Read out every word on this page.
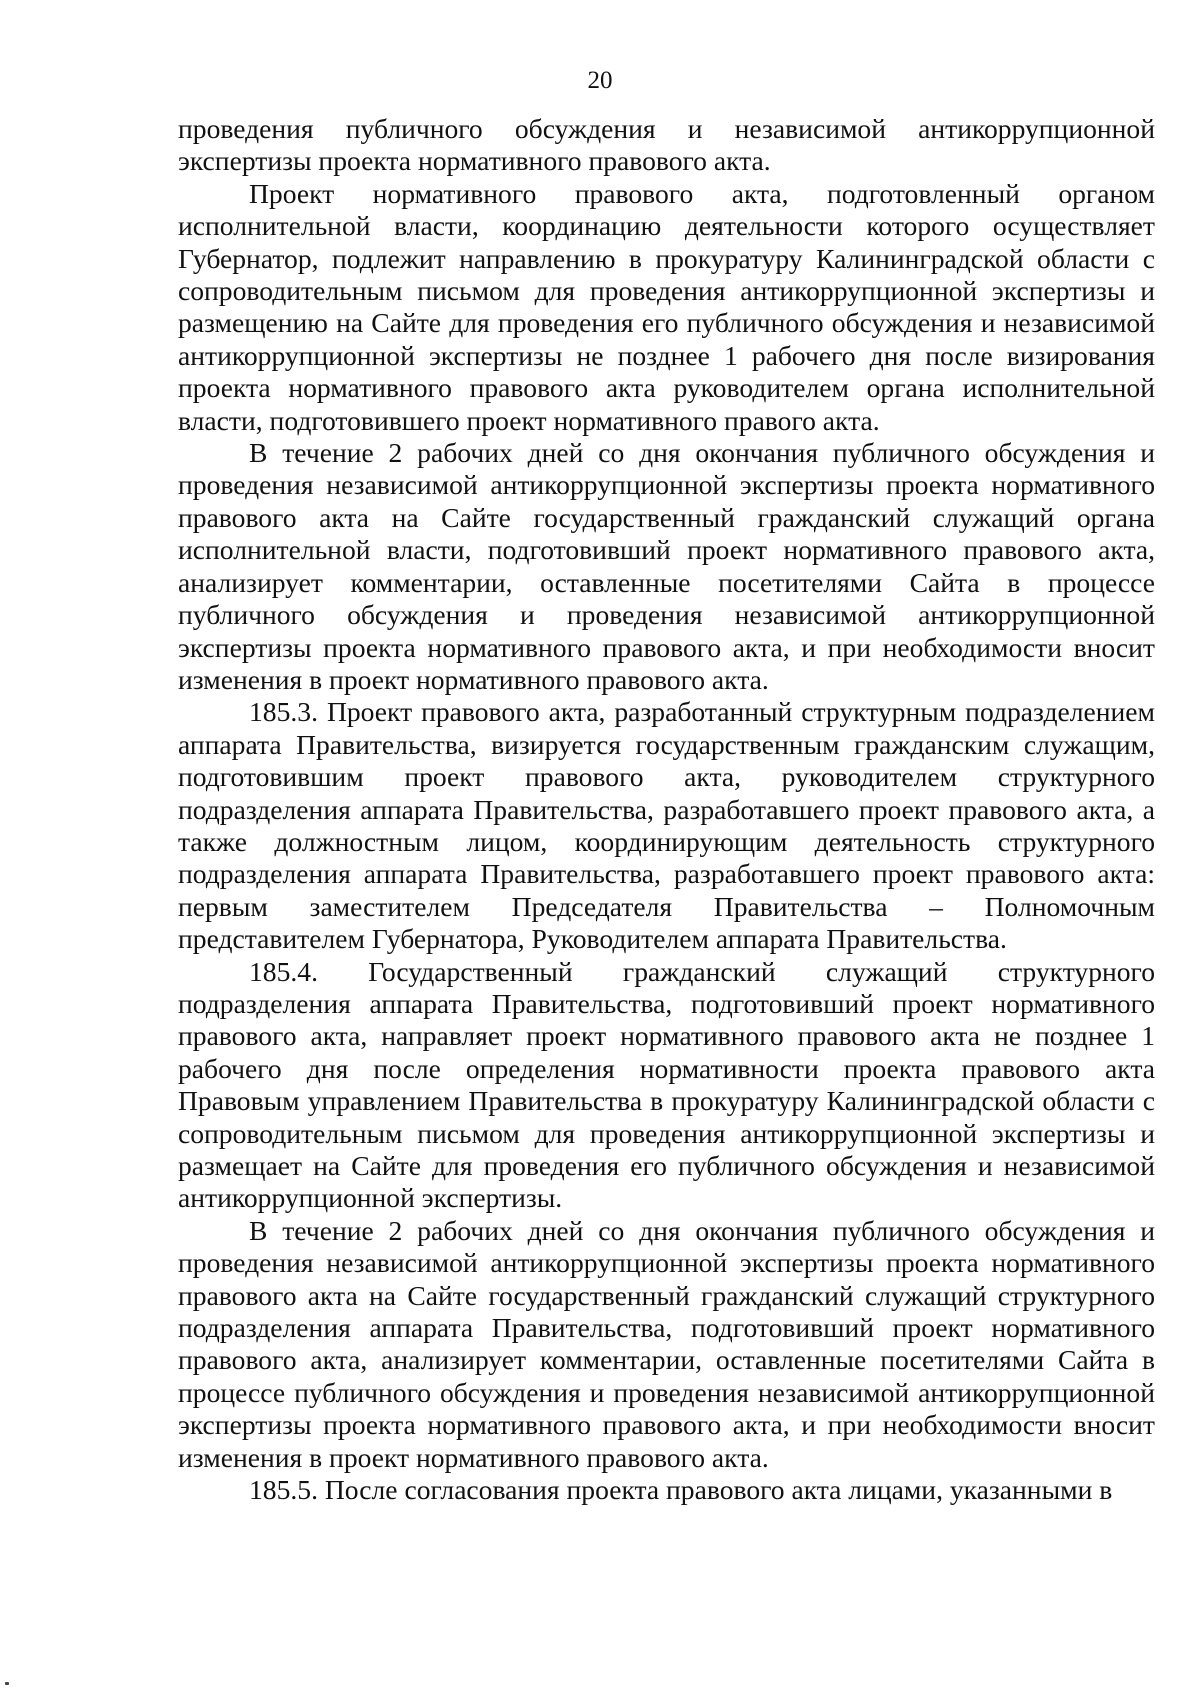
20

проведения публичного обсуждения и независимой антикоррупционной экспертизы проекта нормативного правового акта.

Проект нормативного правового акта, подготовленный органом исполнительной власти, координацию деятельности которого осуществляет Губернатор, подлежит направлению в прокуратуру Калининградской области с сопроводительным письмом для проведения антикоррупционной экспертизы и размещению на Сайте для проведения его публичного обсуждения и независимой антикоррупционной экспертизы не позднее 1 рабочего дня после визирования проекта нормативного правового акта руководителем органа исполнительной власти, подготовившего проект нормативного правого акта.

В течение 2 рабочих дней со дня окончания публичного обсуждения и проведения независимой антикоррупционной экспертизы проекта нормативного правового акта на Сайте государственный гражданский служащий органа исполнительной власти, подготовивший проект нормативного правового акта, анализирует комментарии, оставленные посетителями Сайта в процессе публичного обсуждения и проведения независимой антикоррупционной экспертизы проекта нормативного правового акта, и при необходимости вносит изменения в проект нормативного правового акта.

185.3. Проект правового акта, разработанный структурным подразделением аппарата Правительства, визируется государственным гражданским служащим, подготовившим проект правового акта, руководителем структурного подразделения аппарата Правительства, разработавшего проект правового акта, а также должностным лицом, координирующим деятельность структурного подразделения аппарата Правительства, разработавшего проект правового акта: первым заместителем Председателя Правительства – Полномочным представителем Губернатора, Руководителем аппарата Правительства.

185.4. Государственный гражданский служащий структурного подразделения аппарата Правительства, подготовивший проект нормативного правового акта, направляет проект нормативного правового акта не позднее 1 рабочего дня после определения нормативности проекта правового акта Правовым управлением Правительства в прокуратуру Калининградской области с сопроводительным письмом для проведения антикоррупционной экспертизы и размещает на Сайте для проведения его публичного обсуждения и независимой антикоррупционной экспертизы.

В течение 2 рабочих дней со дня окончания публичного обсуждения и проведения независимой антикоррупционной экспертизы проекта нормативного правового акта на Сайте государственный гражданский служащий структурного подразделения аппарата Правительства, подготовивший проект нормативного правового акта, анализирует комментарии, оставленные посетителями Сайта в процессе публичного обсуждения и проведения независимой антикоррупционной экспертизы проекта нормативного правового акта, и при необходимости вносит изменения в проект нормативного правового акта.

185.5. После согласования проекта правового акта лицами, указанными в
